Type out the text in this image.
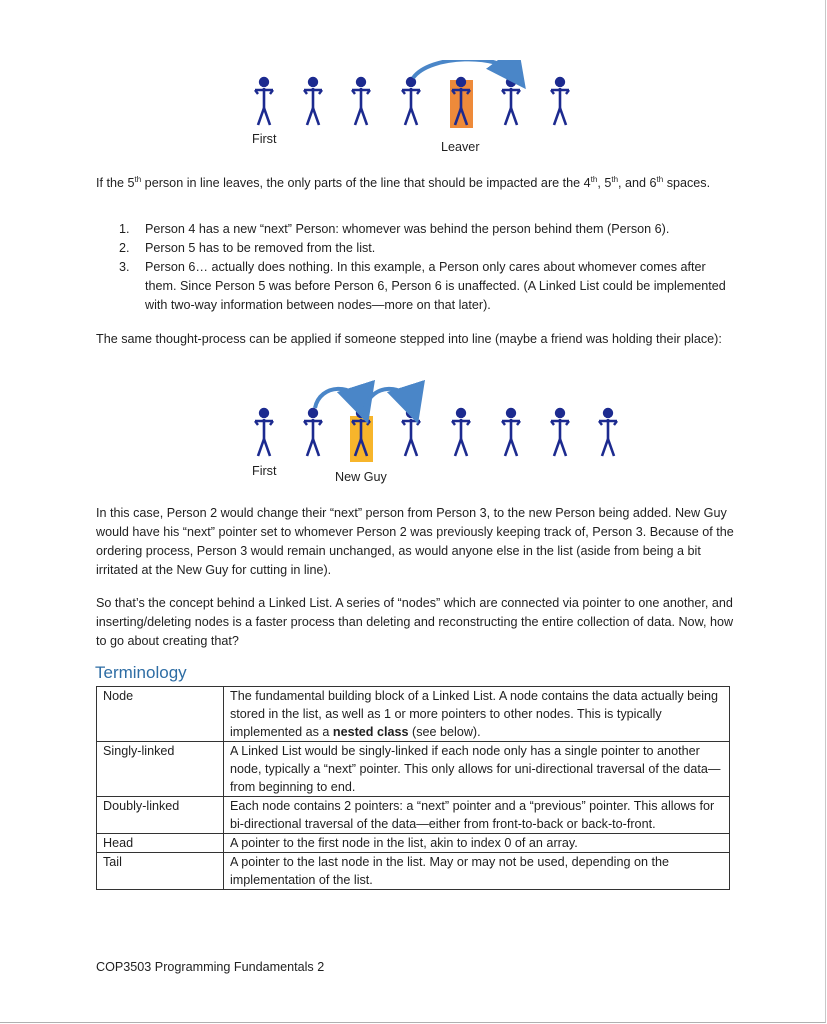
First
Leaver

If the 5th person in line leaves, the only parts of the line that should be impacted are the 4th, 5th, and 6th spaces.

1. Person 4 has a new “next” Person: whomever was behind the person behind them (Person 6).
2. Person 5 has to be removed from the list.
3. Person 6… actually does nothing. In this example, a Person only cares about whomever comes after them. Since Person 5 was before Person 6, Person 6 is unaffected. (A Linked List could be implemented with two-way information between nodes—more on that later).

The same thought-process can be applied if someone stepped into line (maybe a friend was holding their place):

First	New Guy

In this case, Person 2 would change their “next” person from Person 3, to the new Person being added. New Guy would have his “next” pointer set to whomever Person 2 was previously keeping track of, Person 3. Because of the ordering process, Person 3 would remain unchanged, as would anyone else in the list (aside from being a bit irritated at the New Guy for cutting in line).

So that’s the concept behind a Linked List. A series of “nodes” which are connected via pointer to one another, and inserting/deleting nodes is a faster process than deleting and reconstructing the entire collection of data. Now, how to go about creating that?

Terminology
Node	The fundamental building block of a Linked List. A node contains the data actually being stored in the list, as well as 1 or more pointers to other nodes. This is typically implemented as a nested class (see below).
Singly-linked	A Linked List would be singly-linked if each node only has a single pointer to another node, typically a “next” pointer. This only allows for uni-directional traversal of the data—from beginning to end.
Doubly-linked	Each node contains 2 pointers: a “next” pointer and a “previous” pointer. This allows for bi-directional traversal of the data—either from front-to-back or back-to-front.
Head	A pointer to the first node in the list, akin to index 0 of an array.
Tail	A pointer to the last node in the list. May or may not be used, depending on the implementation of the list.
COP3503 Programming Fundamentals 2
